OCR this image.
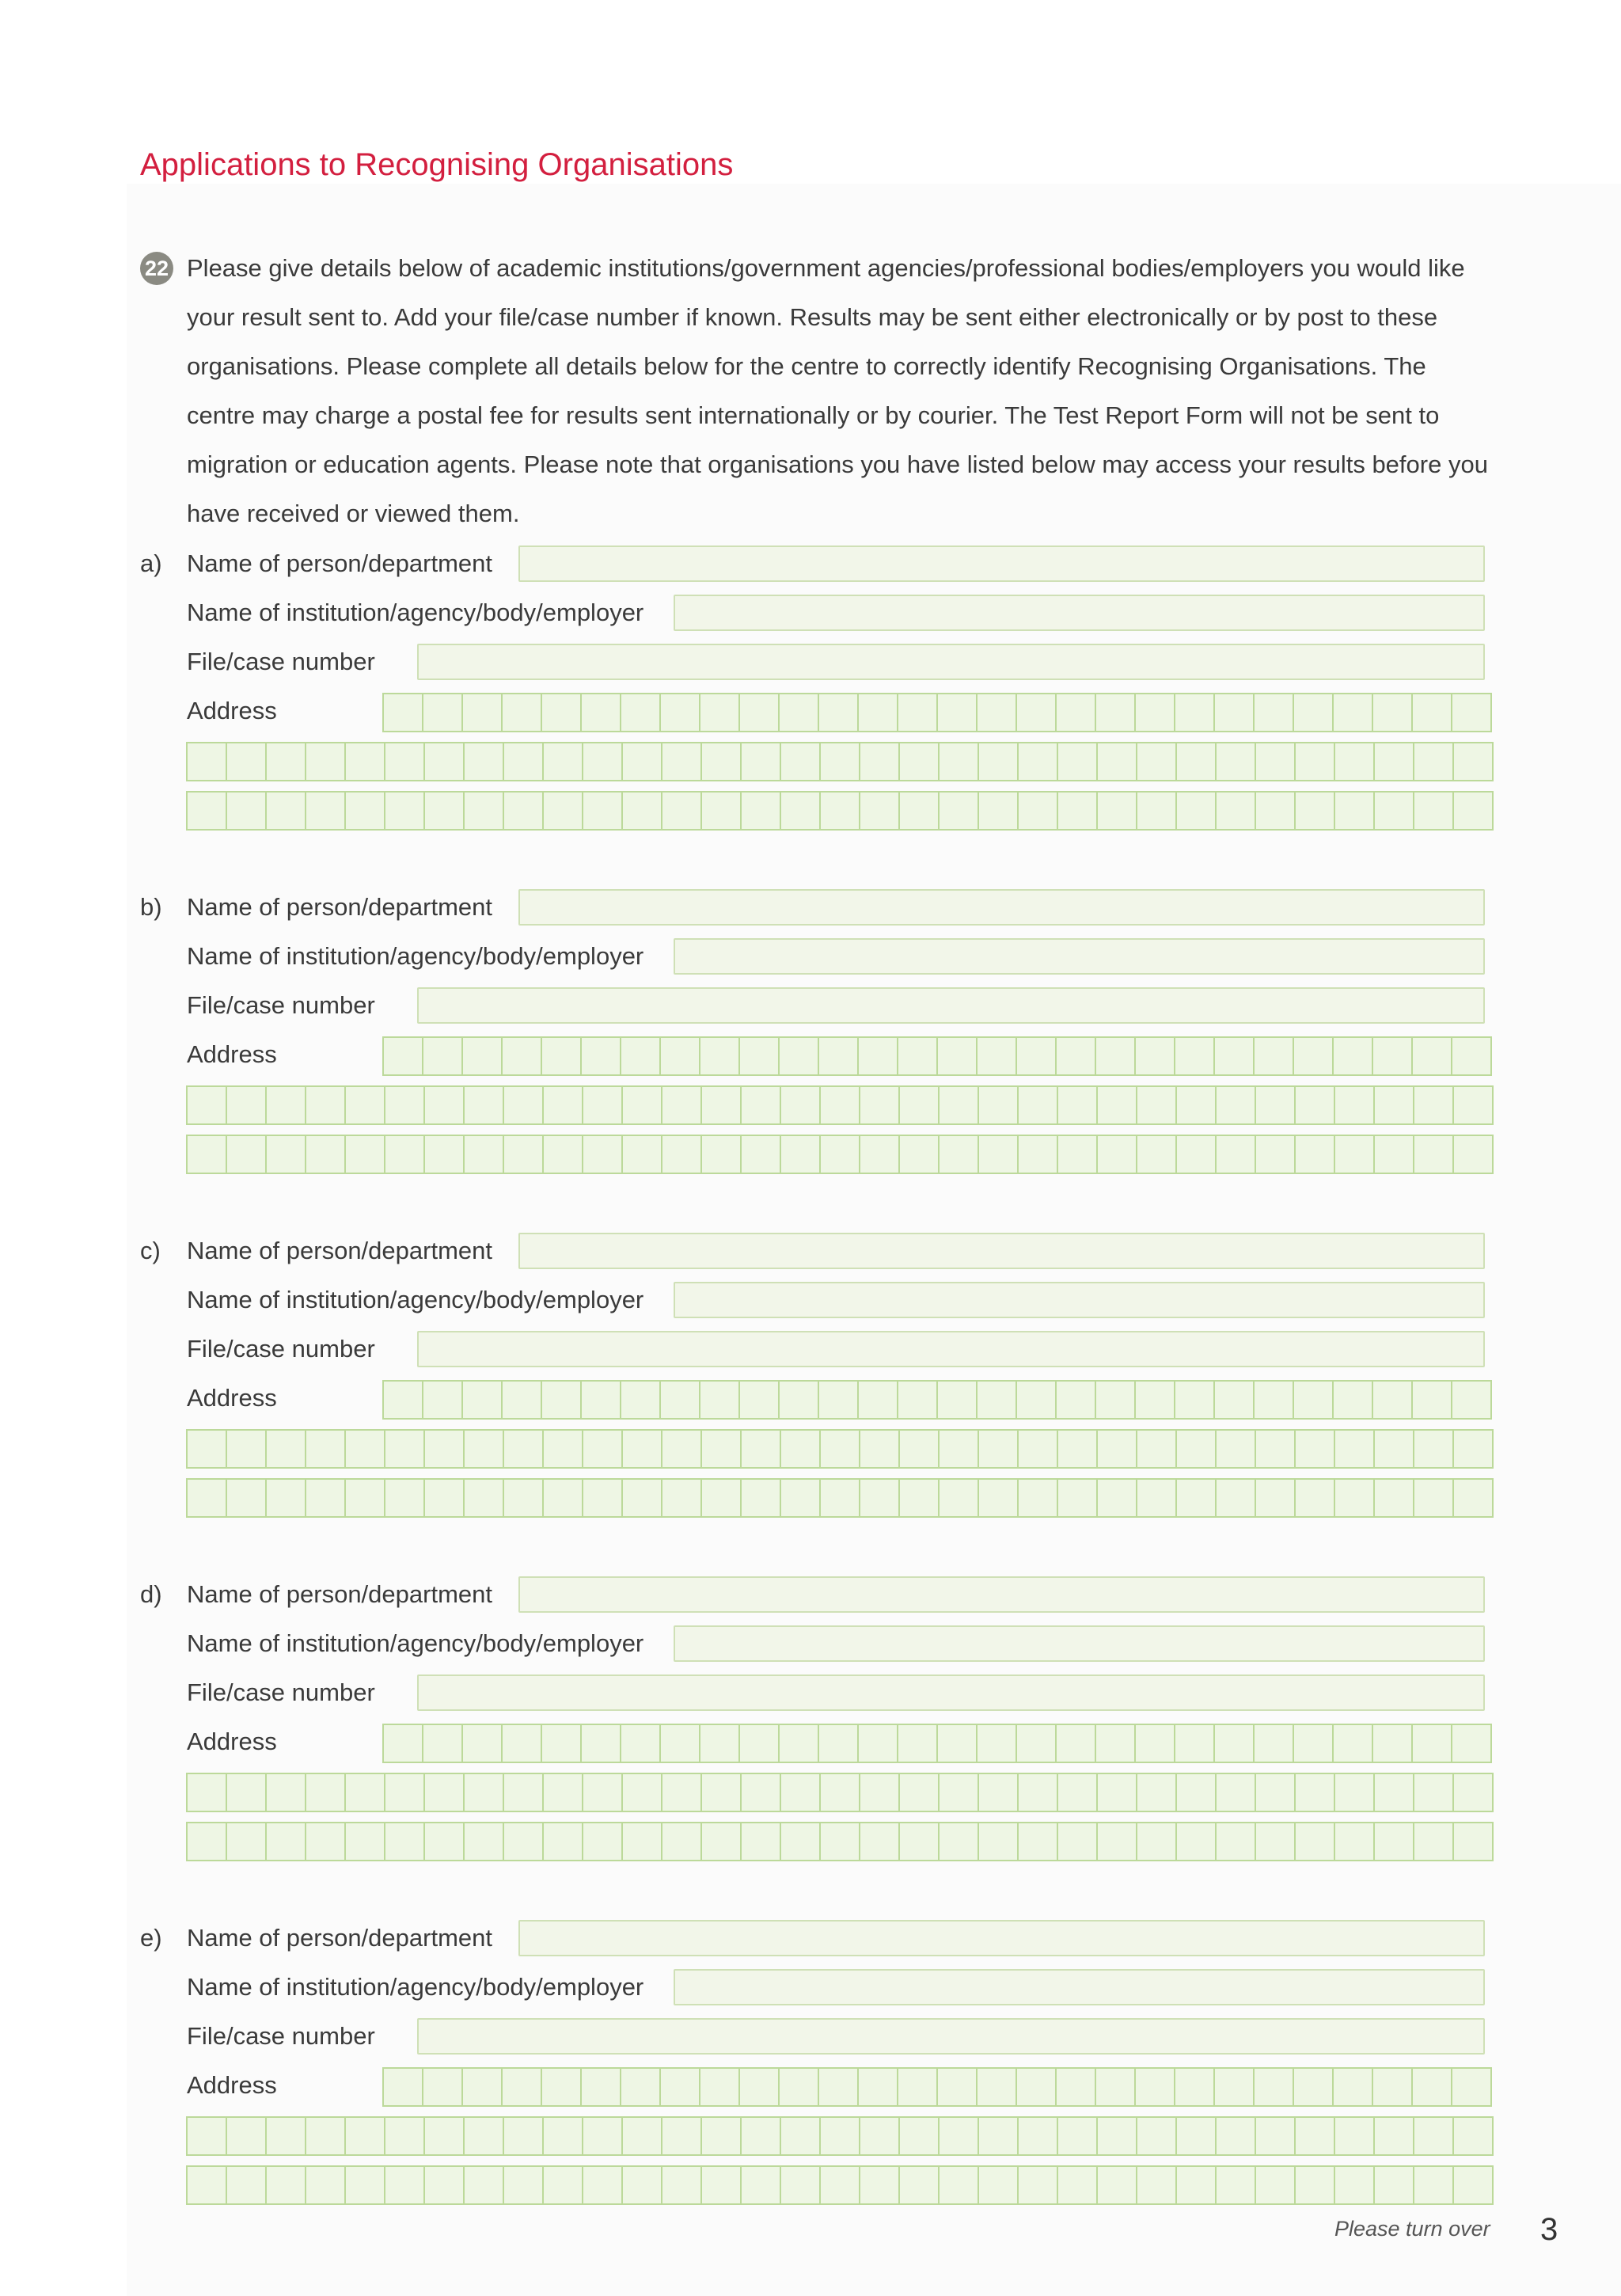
Applications to Recognising Organisations
22 Please give details below of academic institutions/government agencies/professional bodies/employers you would like your result sent to. Add your file/case number if known. Results may be sent either electronically or by post to these organisations. Please complete all details below for the centre to correctly identify Recognising Organisations. The centre may charge a postal fee for results sent internationally or by courier. The Test Report Form will not be sent to migration or education agents. Please note that organisations you have listed below may access your results before you have received or viewed them.

a) Name of person/department
Name of institution/agency/body/employer
File/case number
Address
b) Name of person/department
Name of institution/agency/body/employer
File/case number
Address
c) Name of person/department
Name of institution/agency/body/employer
File/case number
Address
d) Name of person/department
Name of institution/agency/body/employer
File/case number
Address
e) Name of person/department
Name of institution/agency/body/employer
File/case number
Address
Please turn over 3
